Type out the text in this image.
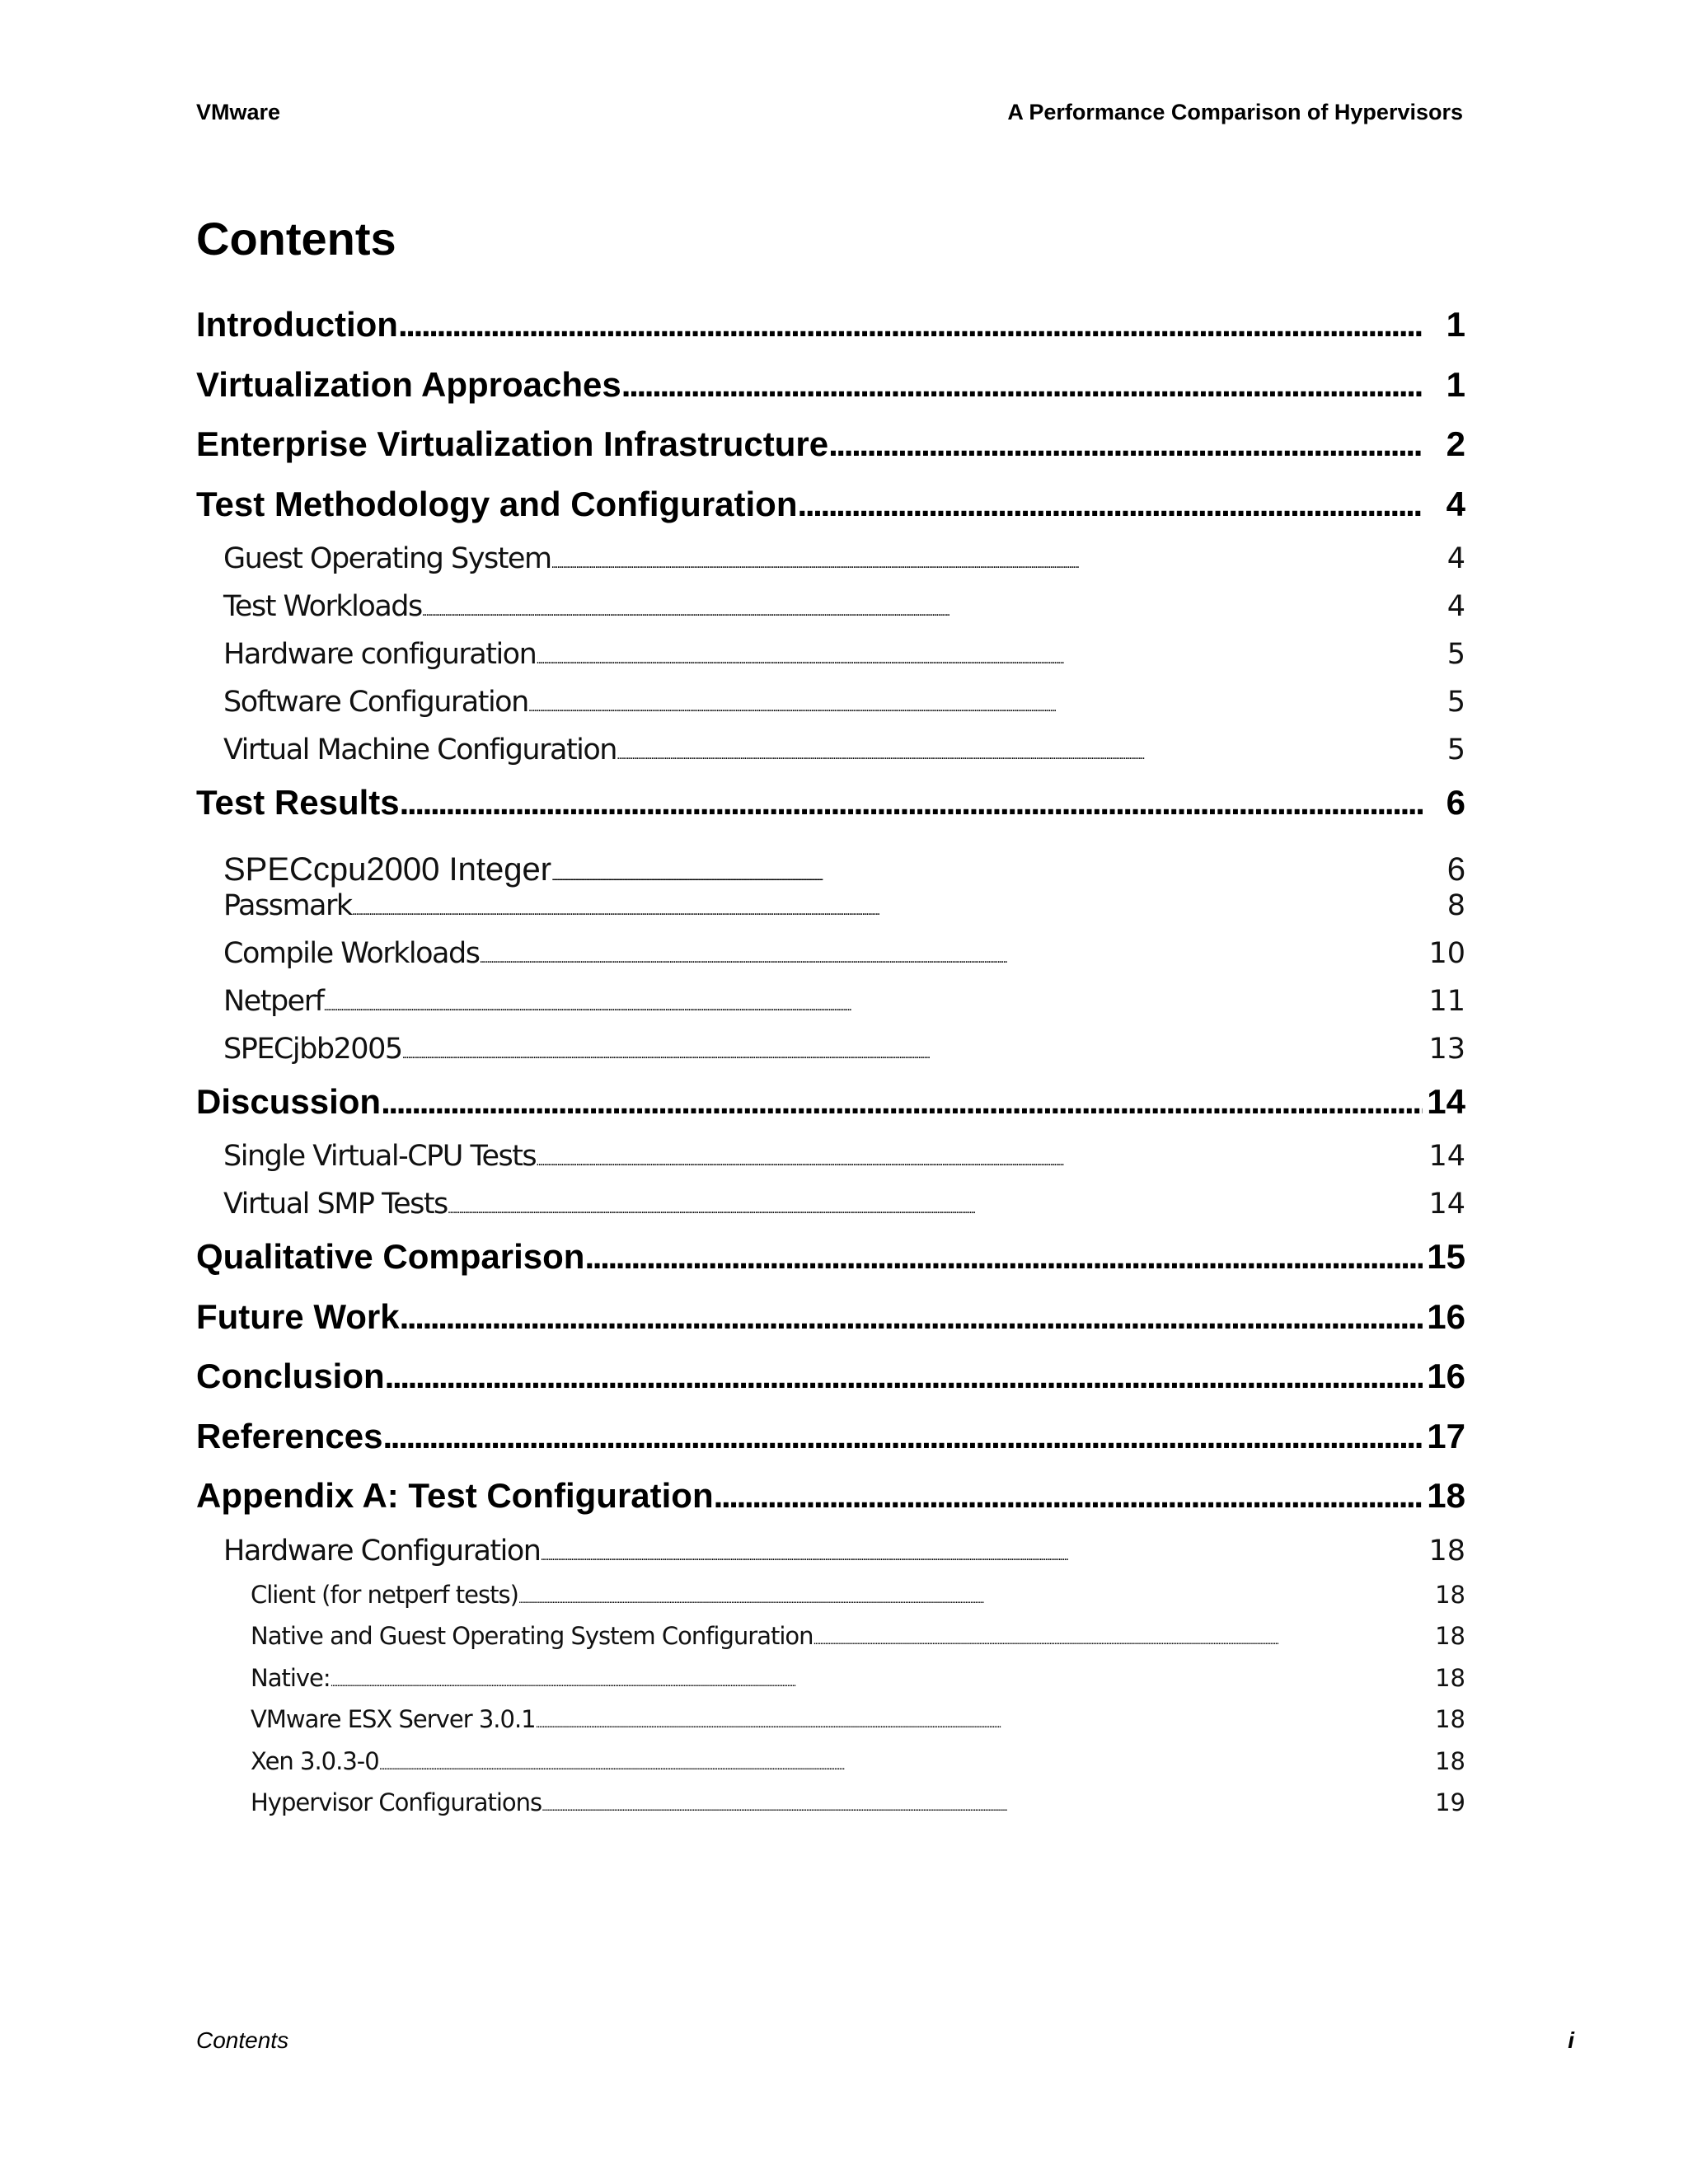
VMware	A Performance Comparison of Hypervisors
Contents
Introduction . . .	1
Virtualization Approaches . . .	1
Enterprise Virtualization Infrastructure . . .	2
Test Methodology and Configuration . . .	4
Guest Operating System . . .	4
Test Workloads . . .	4
Hardware configuration . . .	5
Software Configuration . . .	5
Virtual Machine Configuration . . .	5
Test Results . . .	6
SPECcpu2000 Integer . . .	6
Passmark . . .	8
Compile Workloads . . .	10
Netperf . . .	11
SPECjbb2005 . . .	13
Discussion . . .	14
Single Virtual-CPU Tests . . .	14
Virtual SMP Tests . . .	14
Qualitative Comparison . . .	15
Future Work . . .	16
Conclusion . . .	16
References . . .	17
Appendix A: Test Configuration . . .	18
Hardware Configuration . . .	18
Client (for netperf tests) . . .	18
Native and Guest Operating System Configuration . . .	18
Native: . . .	18
VMware ESX Server 3.0.1 . . .	18
Xen 3.0.3-0 . . .	18
Hypervisor Configurations . . .	19
Contents	i
